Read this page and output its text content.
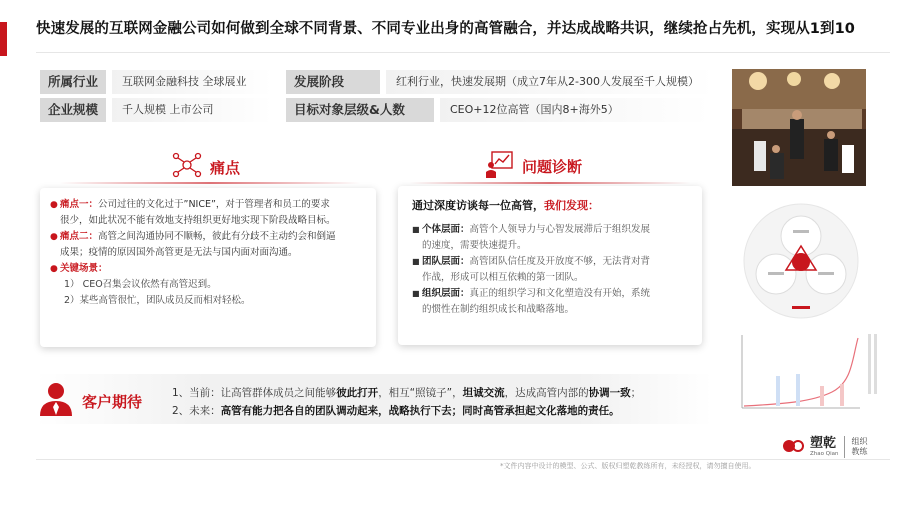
快速发展的互联网金融公司如何做到全球不同背景、不同专业出身的高管融合，并达成战略共识，继续抢占先机，实现从1到10
所属行业	互联网金融科技 全球展业	发展阶段	红利行业，快速发展期（成立7年从2-300人发展至千人规模）
企业规模	千人规模 上市公司	目标对象层级&人数	CEO+12位高管（国内8+海外5）
痛点
● 痛点一：公司过往的文化过于”NICE”，对于管理者和员工的要求
很少，如此状况不能有效地支持组织更好地实现下阶段战略目标。
● 痛点二：高管之间沟通协同不顺畅，彼此有分歧不主动约会和倒逼
成果；疫情的原因国外高管更是无法与国内面对面沟通。
● 关键场景：
1） CEO召集会议依然有高管迟到。
2）某些高管很忙，团队成员反而相对轻松。
问题诊断
通过深度访谈每一位高管，我们发现：
■ 个体层面：高管个人领导力与心智发展滞后于组织发展
的速度，需要快速提升。
■ 团队层面：高管团队信任度及开放度不够，无法背对背
作战，形成可以相互依赖的第一团队。
■ 组织层面：真正的组织学习和文化塑造没有开始，系统
的惯性在制约组织成长和战略落地。
客户期待	1、当前：让高管群体成员之间能够彼此打开，相互“照镜子”，坦诚交流，达成高管内部的协调一致；
2、未来：高管有能力把各自的团队调动起来，战略执行下去；同时高管承担起文化落地的责任。
塑乾
Zhao Qian
组织
教练
*文件内容中设计的模型、公式、版权归塑乾教练所有，未经授权，请勿擅自使用。
